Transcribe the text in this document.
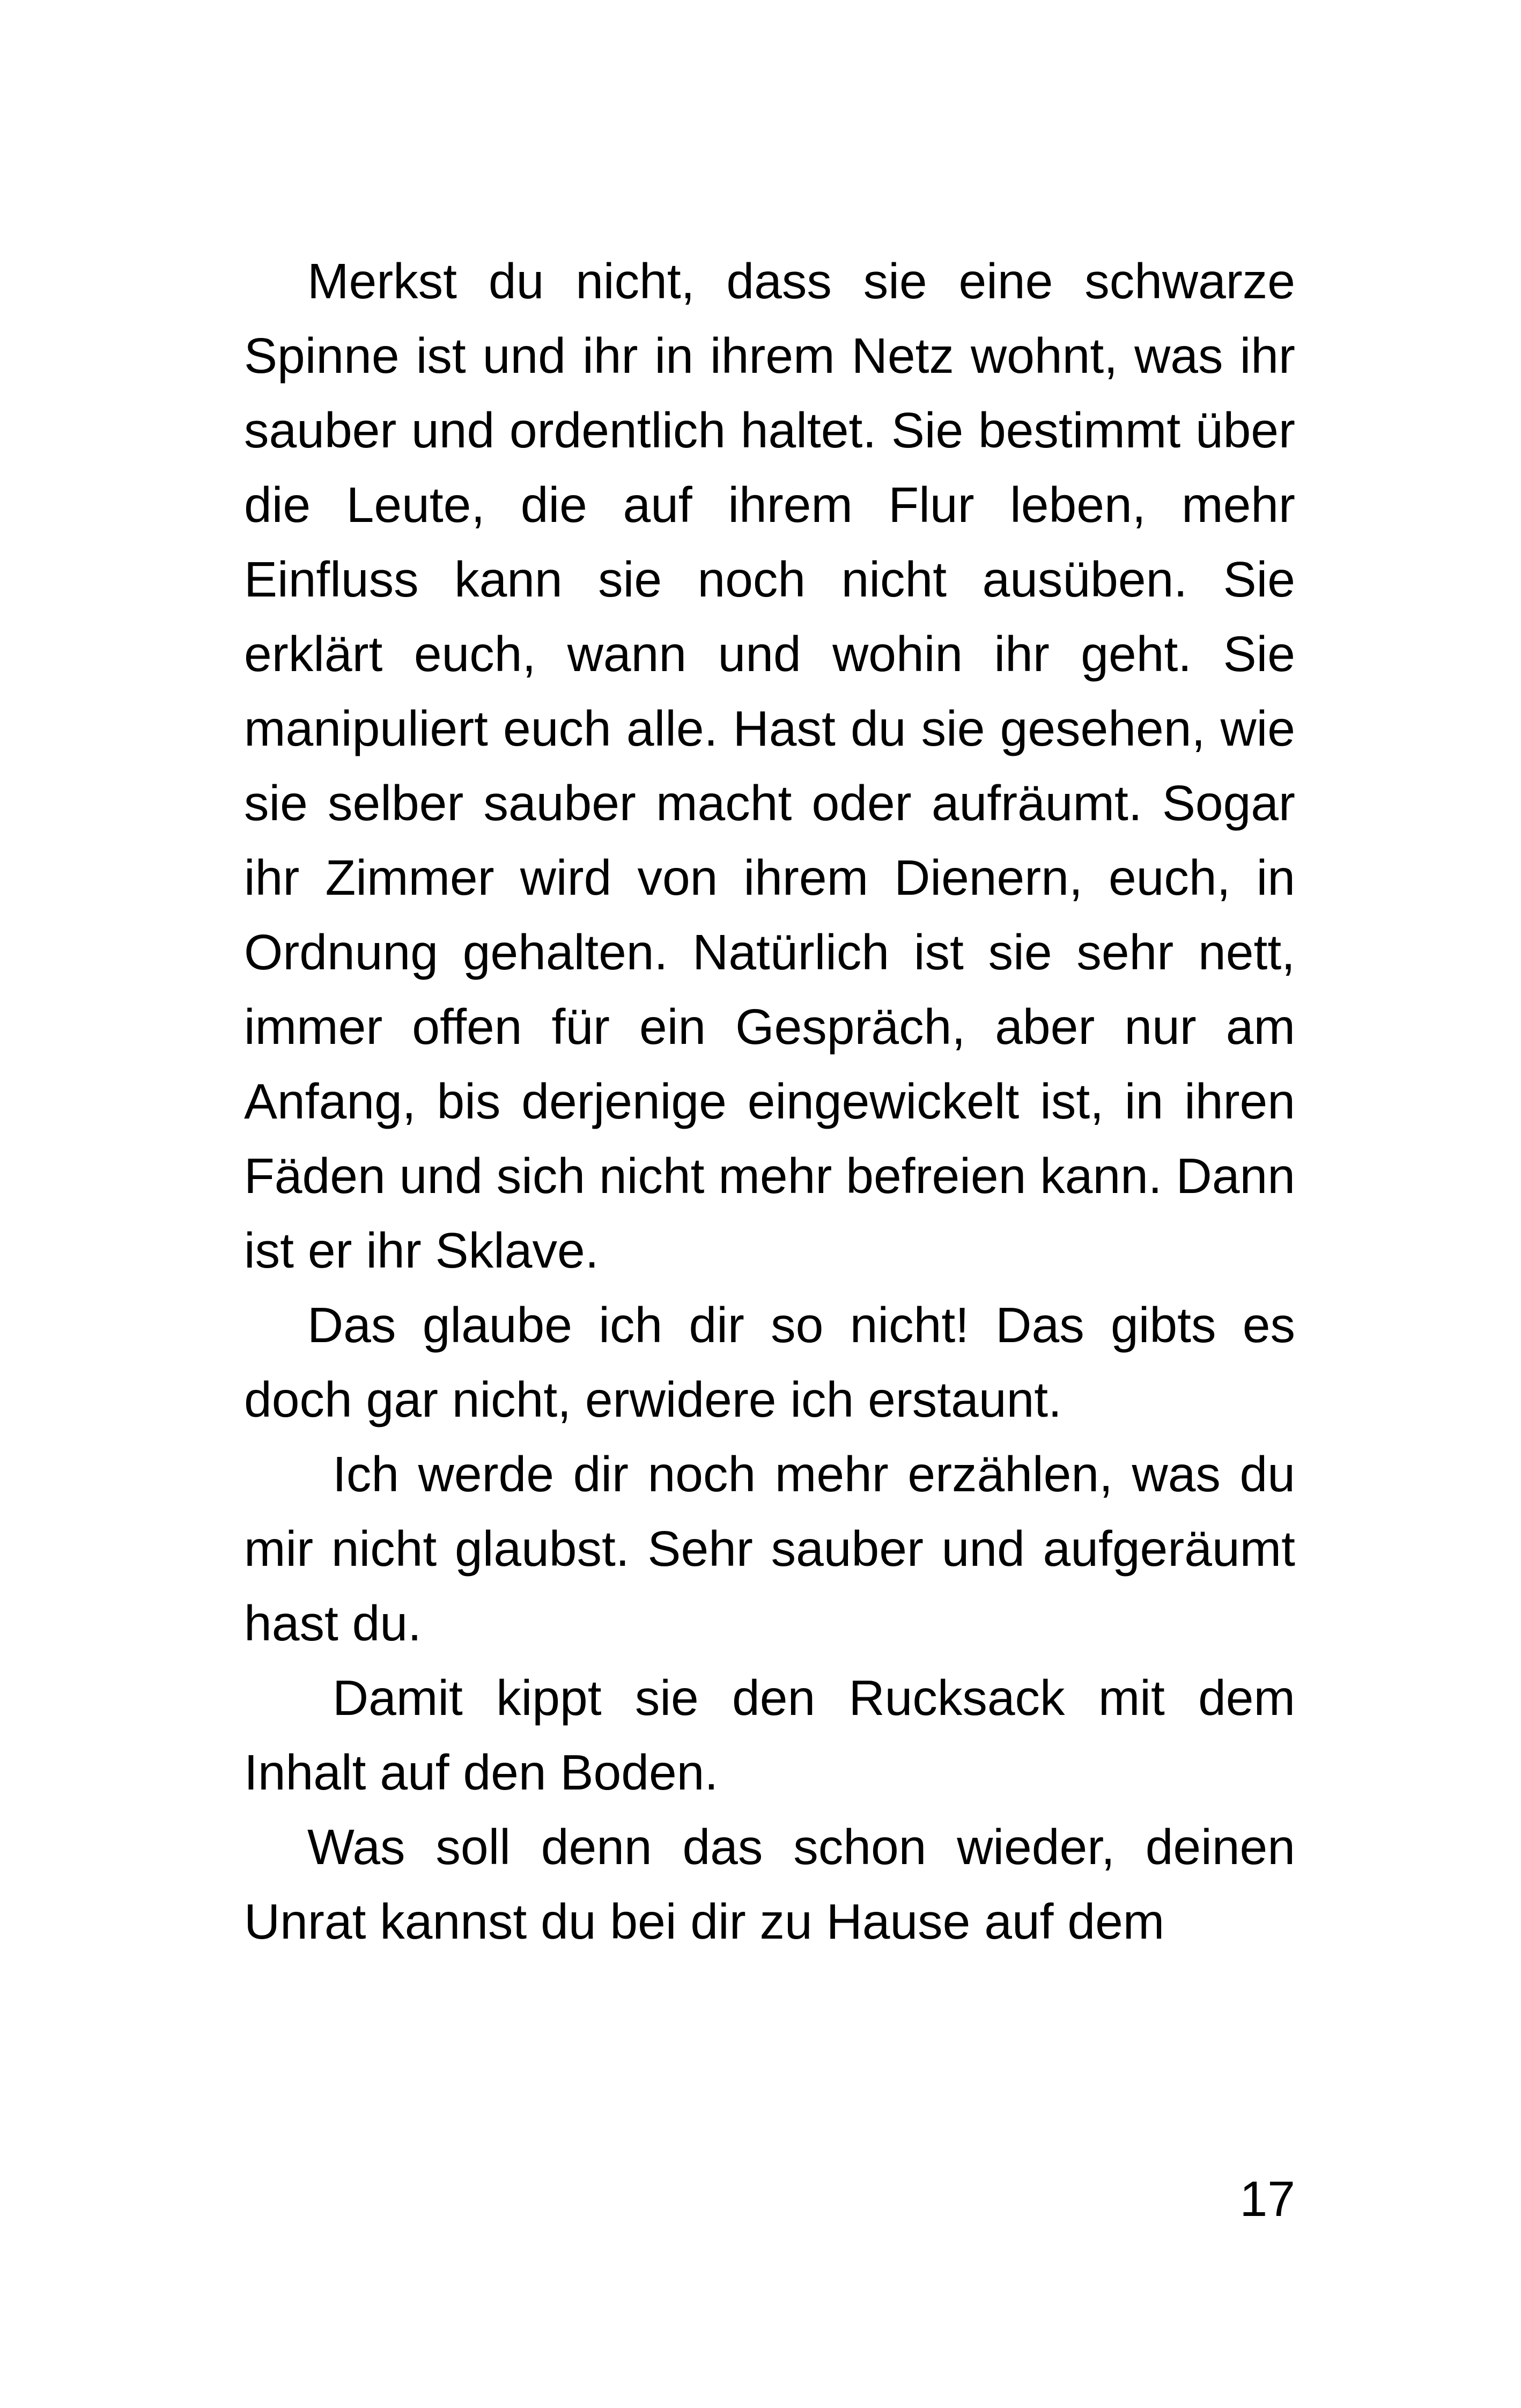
Merkst du nicht, dass sie eine schwarze Spinne ist und ihr in ihrem Netz wohnt, was ihr sauber und ordentlich haltet. Sie bestimmt über die Leute, die auf ihrem Flur leben, mehr Einfluss kann sie noch nicht ausüben. Sie erklärt euch, wann und wohin ihr geht. Sie manipuliert euch alle. Hast du sie gesehen, wie sie selber sauber macht oder aufräumt. Sogar ihr Zimmer wird von ihrem Dienern, euch, in Ordnung gehalten. Natürlich ist sie sehr nett, immer offen für ein Gespräch, aber nur am Anfang, bis derjenige eingewickelt ist, in ihren Fäden und sich nicht mehr befreien kann. Dann ist er ihr Sklave.

Das glaube ich dir so nicht! Das gibts es doch gar nicht, erwidere ich erstaunt.

Ich werde dir noch mehr erzählen, was du mir nicht glaubst. Sehr sauber und aufgeräumt hast du.

Damit kippt sie den Rucksack mit dem Inhalt auf den Boden.

Was soll denn das schon wieder, deinen Unrat kannst du bei dir zu Hause auf dem

17
